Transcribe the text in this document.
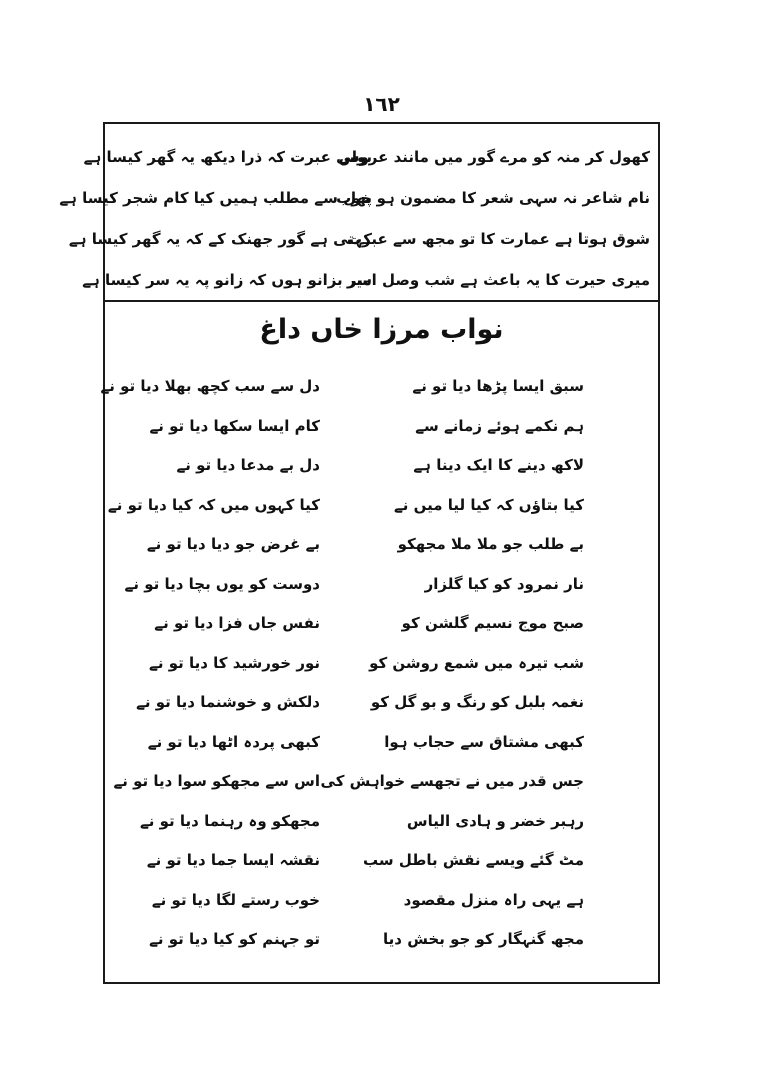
١٦٢
کھول کر منہ کو مرے گور میں مانند عروس
بولی عبرت کہ ذرا دیکھ یہ گھر کیسا ہے
نام شاعر نہ سہی شعر کا مضمون ہو خوب
پھل سے مطلب ہمیں کیا کام شجر کیسا ہے
شوق ہوتا ہے عمارت کا تو مجھ سے عبرت
کہتی ہے گور جھنک کے کہ یہ گھر کیسا ہے
میری حیرت کا یہ باعث ہے شب وصل امیر
سر بزانو ہوں کہ زانو پہ یہ سر کیسا ہے
نواب مرزا خاں داغ
سبق ایسا پڑھا دیا تو نے
دل سے سب کچھ بھلا دیا تو نے
ہم نکمے ہوئے زمانے سے
کام ایسا سکھا دیا تو نے
لاکھ دینے کا ایک دینا ہے
دل بے مدعا دیا تو نے
کیا بتاؤں کہ کیا لیا میں نے
کیا کہوں میں کہ کیا دیا تو نے
بے طلب جو ملا ملا مجھکو
بے غرض جو دیا دیا تو نے
نار نمرود کو کیا گلزار
دوست کو یوں بچا دیا تو نے
صبح موج نسیم گلشن کو
نفس جاں فزا دیا تو نے
شب تیرہ میں شمع روشن کو
نور خورشید کا دیا تو نے
نغمہ بلبل کو رنگ و بو گل کو
دلکش و خوشنما دیا تو نے
کبھی مشتاق سے حجاب ہوا
کبھی پردہ اٹھا دیا تو نے
جس قدر میں نے تجھسے خواہش کی
اس سے مجھکو سوا دیا تو نے
رہبر خضر و ہادی الیاس
مجھکو وہ رہنما دیا تو نے
مٹ گئے ویسے نقش باطل سب
نقشہ ایسا جما دیا تو نے
ہے یہی راہ منزل مقصود
خوب رستے لگا دیا تو نے
مجھ گنہگار کو جو بخش دیا
تو جہنم کو کیا دیا تو نے
